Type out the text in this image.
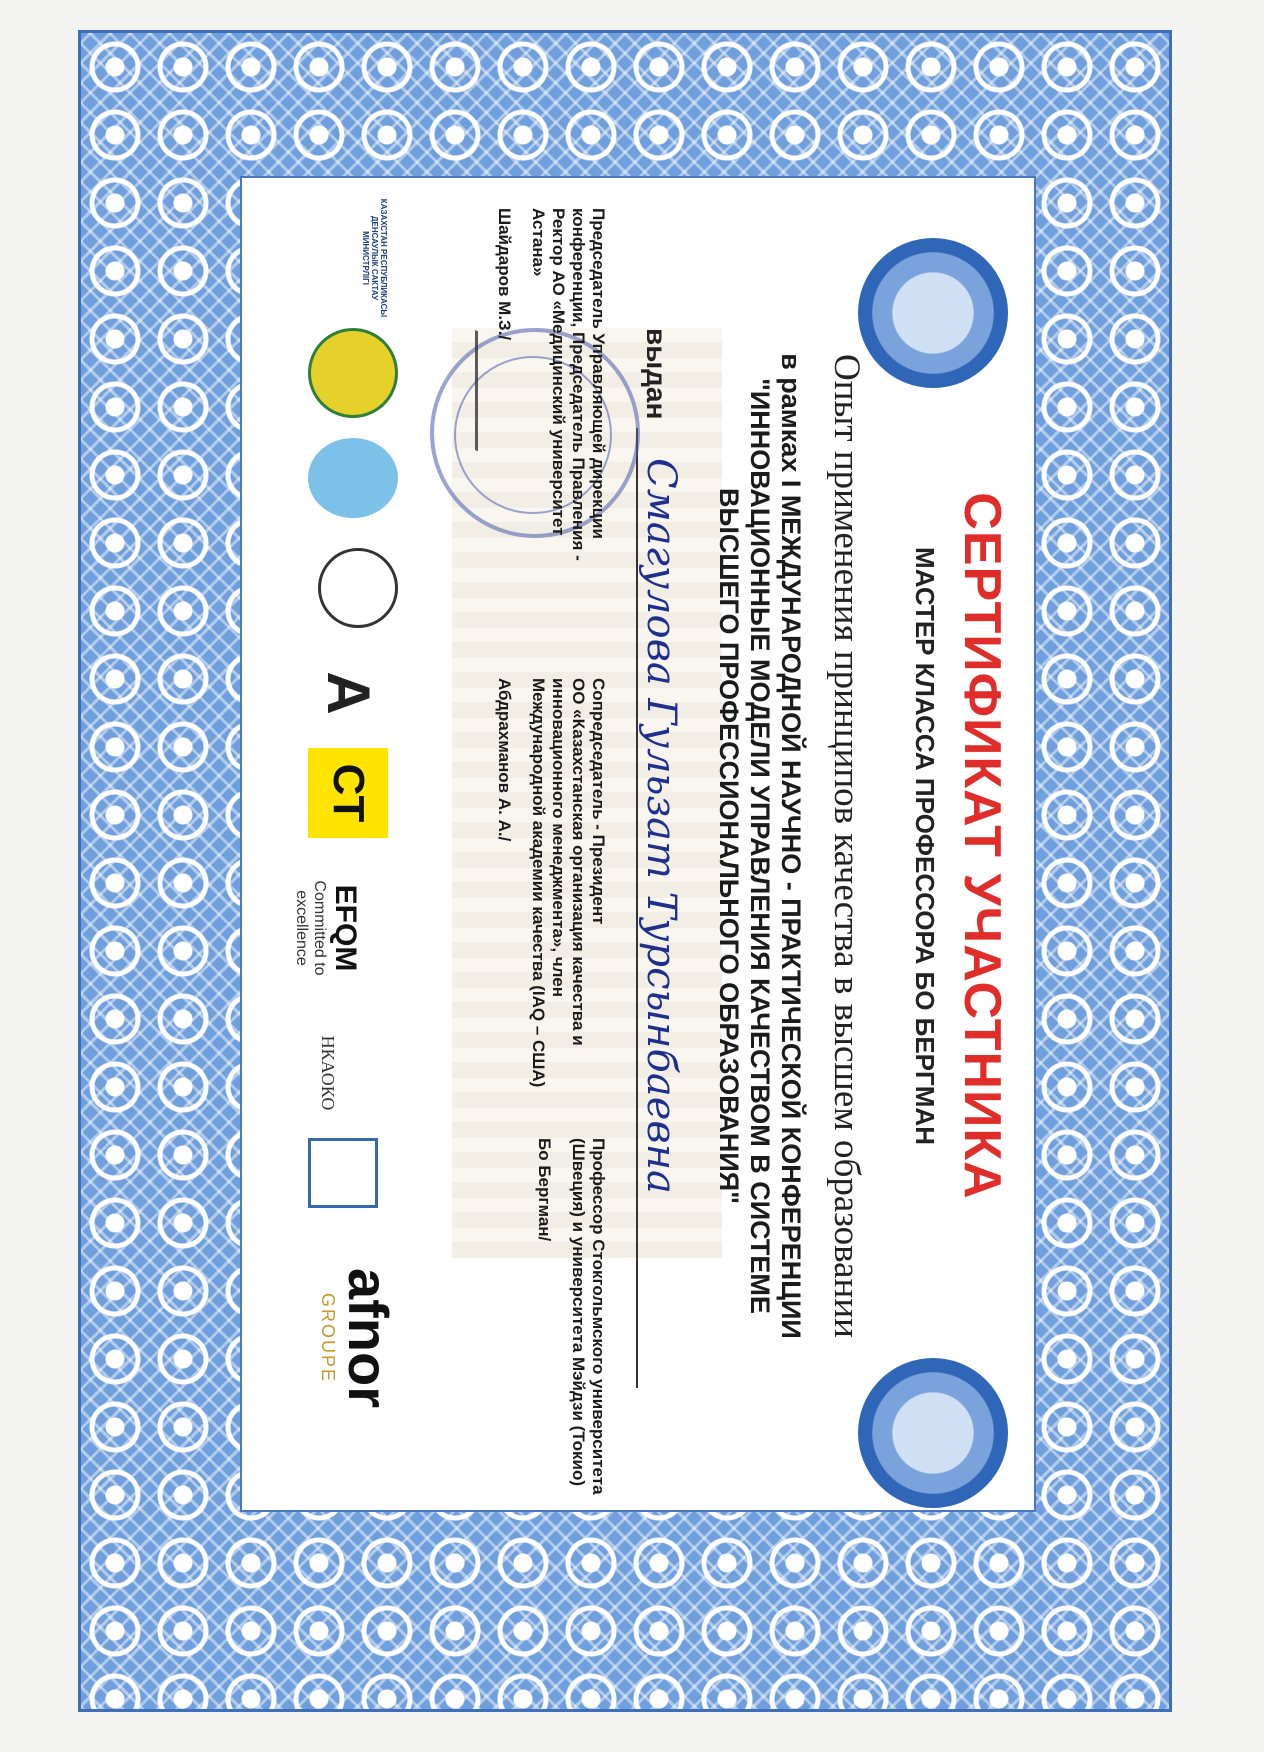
СЕРТИФИКАТ УЧАСТНИКА
МАСТЕР КЛАССА ПРОФЕССОРА БО БЕРГМАН
Опыт применения принципов качества в высшем образовании
в рамках I МЕЖДУНАРОДНОЙ НАУЧНО - ПРАКТИЧЕСКОЙ КОНФЕРЕНЦИИ
"ИННОВАЦИОННЫЕ МОДЕЛИ УПРАВЛЕНИЯ КАЧЕСТВОМ В СИСТЕМЕ
ВЫСШЕГО ПРОФЕССИОНАЛЬНОГО ОБРАЗОВАНИЯ"
выдан
Смагулова Гульзат Турсынбаевна
Председатель Управляющей дирекции
конференции, Председатель Правления -
Ректор АО «Медицинский университет Астана»
Шайдаров М.З./
Сопредседатель - Президент
ОО «Казахстанская организация качества и
инновационного менеджмента», член
Международной академии качества (IAQ – США)
Абдрахманов А. А./
Профессор Стокгольмского университета
(Швеция) и университета Мэйдзи (Токио)
Бо Бергман/
КАЗАХСТАН РЕСПУБЛИКАСЫ ДЕНСАУЛЫК САКТАУ МИНИСТРЛІГІ
A
CT
EFQM
Committed to excellence
НКАОКО
afnor
GROUPE
